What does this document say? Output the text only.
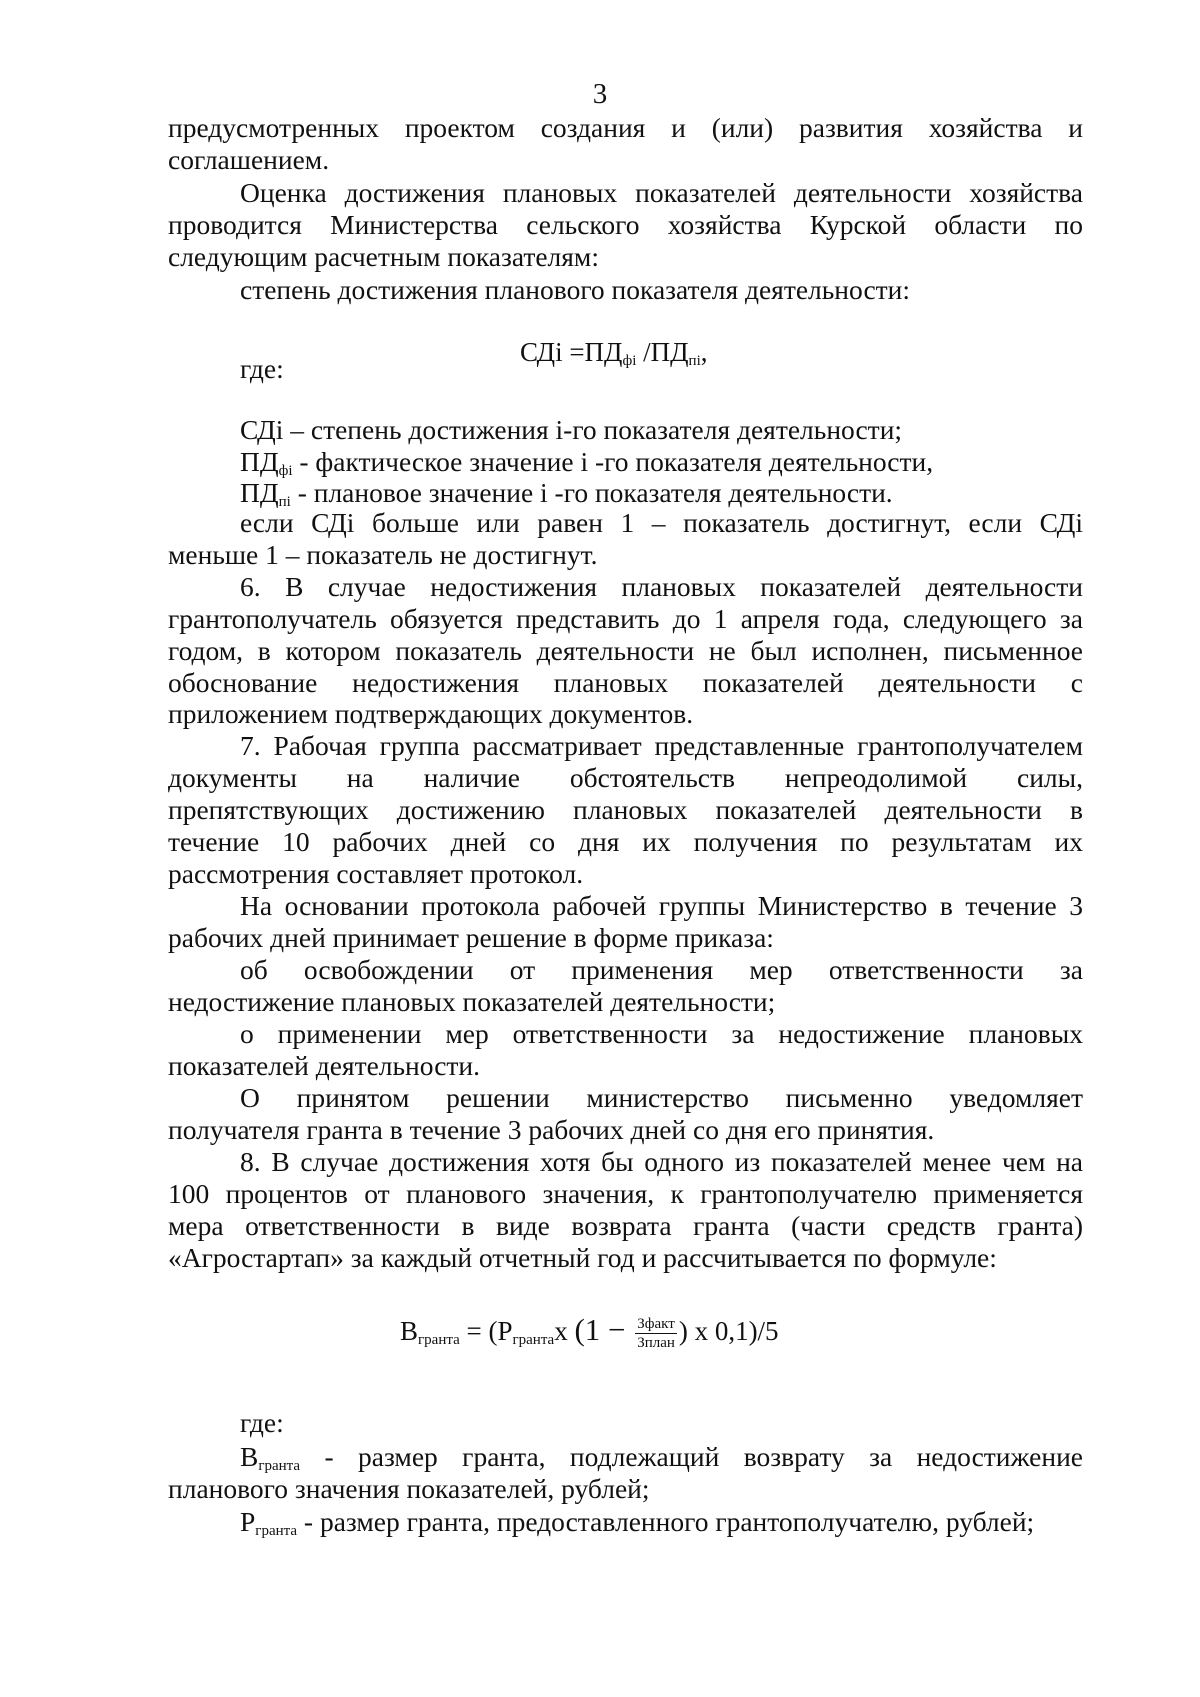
3
предусмотренных проектом создания и (или) развития хозяйства и
соглашением.
Оценка достижения плановых показателей деятельности хозяйства
проводится Министерства сельского хозяйства Курской области по
следующим расчетным показателям:
степень достижения планового показателя деятельности:
СДi $=ПД_{фi}$ $/ПД_{пi}$,
где:
СДi – степень достижения i-го показателя деятельности;
$ПД_{фi}$ - фактическое значение i -го показателя деятельности,
$ПД_{пi}$ - плановое значение i -го показателя деятельности.
если СДi больше или равен 1 – показатель достигнут, если СДi
меньше 1 – показатель не достигнут.
6. В случае недостижения плановых показателей деятельности
грантополучатель обязуется представить до 1 апреля года, следующего за
годом, в котором показатель деятельности не был исполнен, письменное
обоснование недостижения плановых показателей деятельности с
приложением подтверждающих документов.
7. Рабочая группа рассматривает представленные грантополучателем
документы на наличие обстоятельств непреодолимой силы,
препятствующих достижению плановых показателей деятельности в
течение 10 рабочих дней со дня их получения по результатам их
рассмотрения составляет протокол.
На основании протокола рабочей группы Министерство в течение 3
рабочих дней принимает решение в форме приказа:
об освобождении от применения мер ответственности за
недостижение плановых показателей деятельности;
о применении мер ответственности за недостижение плановых
показателей деятельности.
О принятом решении министерство письменно уведомляет
получателя гранта в течение 3 рабочих дней со дня его принятия.
8. В случае достижения хотя бы одного из показателей менее чем на
100 процентов от планового значения, к грантополучателю применяется
мера ответственности в виде возврата гранта (части средств гранта)
«Агростартап» за каждый отчетный год и рассчитывается по формуле:
$В_{гранта} = (Р_{гранта}х$ ($1 - \frac{\text{Зфакт}}{\text{Зплан}}$ ) х 0,1)/5
где:
$В_{гранта}$ - размер гранта, подлежащий возврату за недостижение
планового значения показателей, рублей;
$Р_{гранта}$ - размер гранта, предоставленного грантополучателю, рублей;
